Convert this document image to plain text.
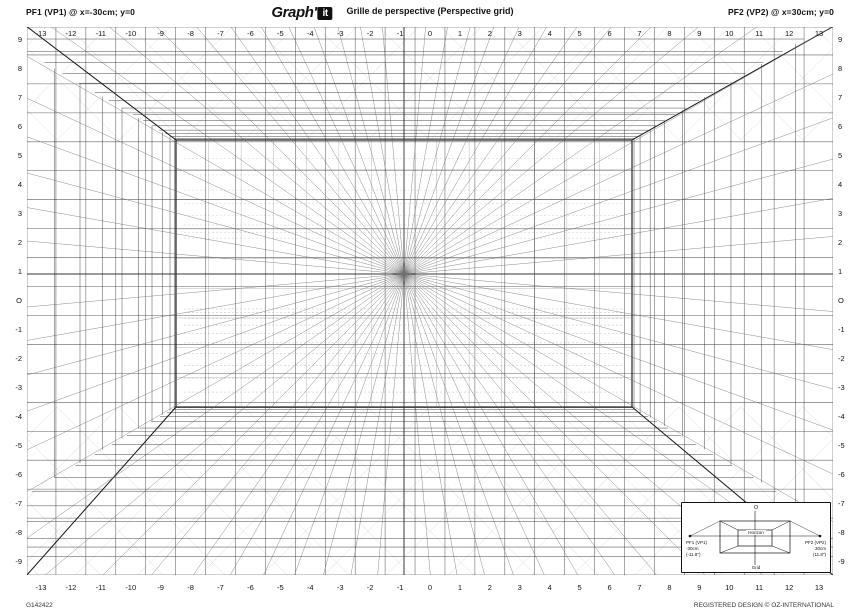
PF1 (VP1) @ x=-30cm; y=0	Graph' it	Grille de perspective (Perspective grid)	PF2 (VP2) @ x=30cm; y=0
9
8
7
6
5
4
3
2
1
O
-1
-2
-3
-4
-5
-6
-7
-8
-9
9
8
7
6
5
4
3
2
1
O
-1
-2
-3
-4
-5
-6
-7
-8
-9
-13	-12	-11	-10	-9	-8	-7	-6	-5	-4	-3	-2	-1	0	1	2	3	4	5	6	7	8	9	10	11	12	13
-13	-12	-11	-10	-9	-8	-7	-6	-5	-4	-3	-2	-1	0	1	2	3	4	5	6	7	8	9	10	11	12	13
O
Horizon
Grid
PF1 (VP1)
-30cm
(-11.8")
PF2 (VP2)
30cm
(11.8")
G142422	REGISTERED DESIGN © OZ-INTERNATIONAL
